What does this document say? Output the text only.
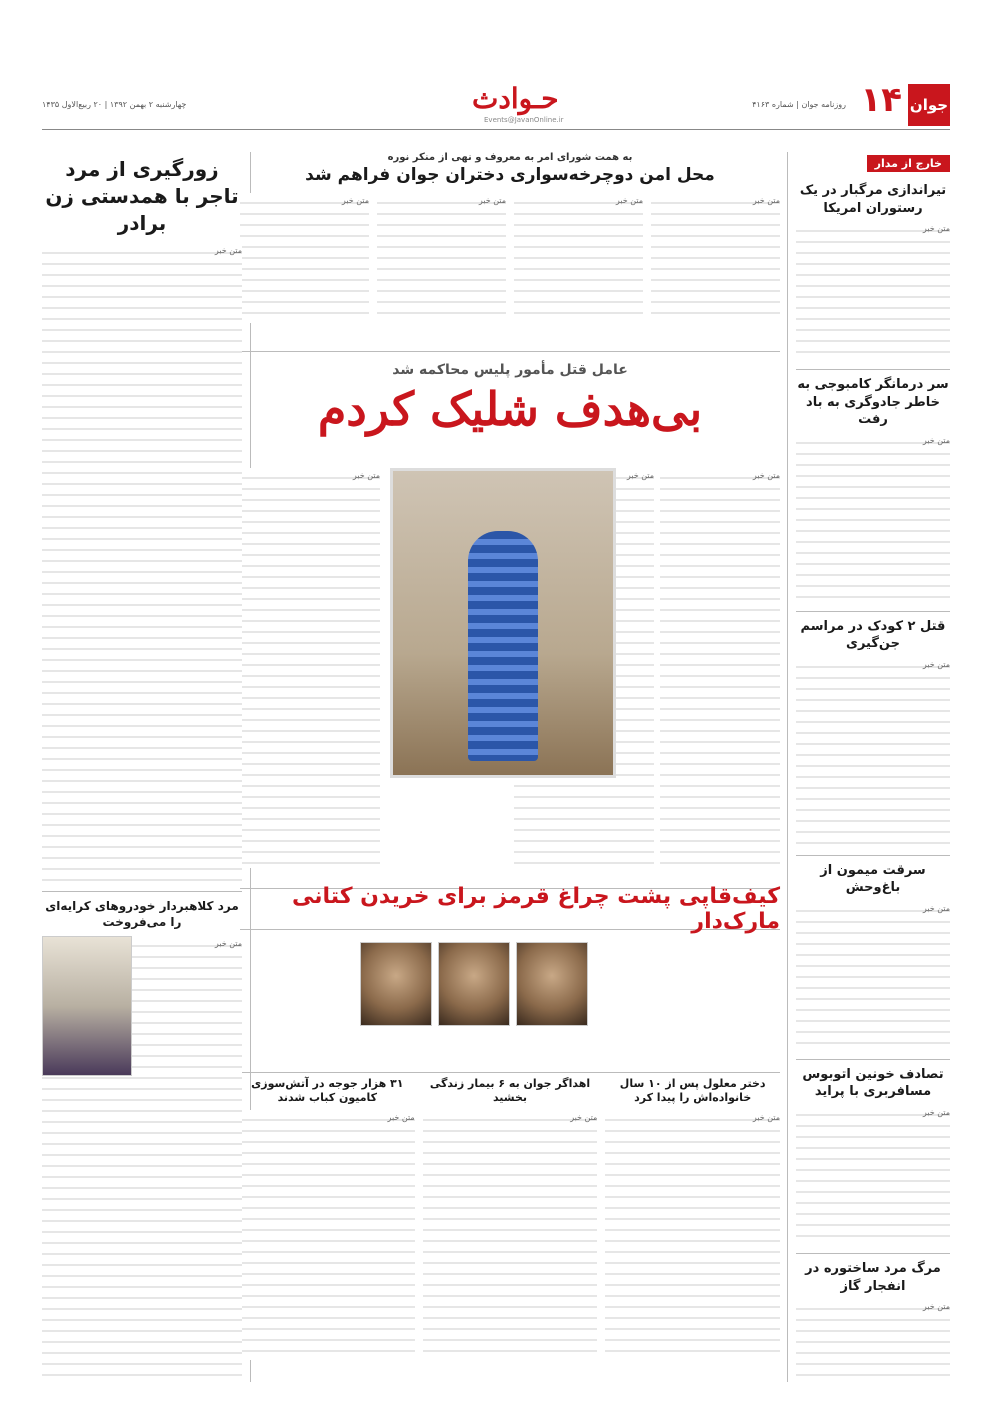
جوان
۱۴
روزنامه جوان | شماره ۴۱۶۳
حـوادث
Events@JavanOnline.ir
چهارشنبه ۲ بهمن ۱۳۹۲ | ۲۰ ربیع‌الاول ۱۴۳۵
خارج از مدار
تیراندازی مرگبار در یک رستوران امریکا
متن خبر
سر درمانگر کامبوجی به خاطر جادوگری به باد رفت
متن خبر
قتل ۲ کودک در مراسم جن‌گیری
متن خبر
سرقت میمون از باغ‌وحش
متن خبر
تصادف خونین اتوبوس مسافربری با پراید
متن خبر
مرگ مرد ساختوره در انفجار گاز
متن خبر
به همت شورای امر به معروف و نهی از منکر نوره
محل امن دوچرخه‌سواری دختران جوان فراهم شد
متن خبر
متن خبر
متن خبر
متن خبر
عامل قتل مأمور پلیس محاکمه شد
بی‌هدف شلیک کردم
متن خبر
متن خبر
متن خبر
کیف‌قاپی پشت چراغ قرمز برای خریدن کتانی مارک‌دار
دختر معلول پس از ۱۰ سال خانواده‌اش را پیدا کرد
متن خبر
اهداگر جوان به ۶ بیمار زندگی بخشید
متن خبر
۳۱ هزار جوجه در آتش‌سوزی کامیون کباب شدند
متن خبر
زورگیری از مرد تاجر با همدستی زن برادر
متن خبر
مرد کلاهبردار خودروهای کرایه‌ای را می‌فروخت
متن خبر
